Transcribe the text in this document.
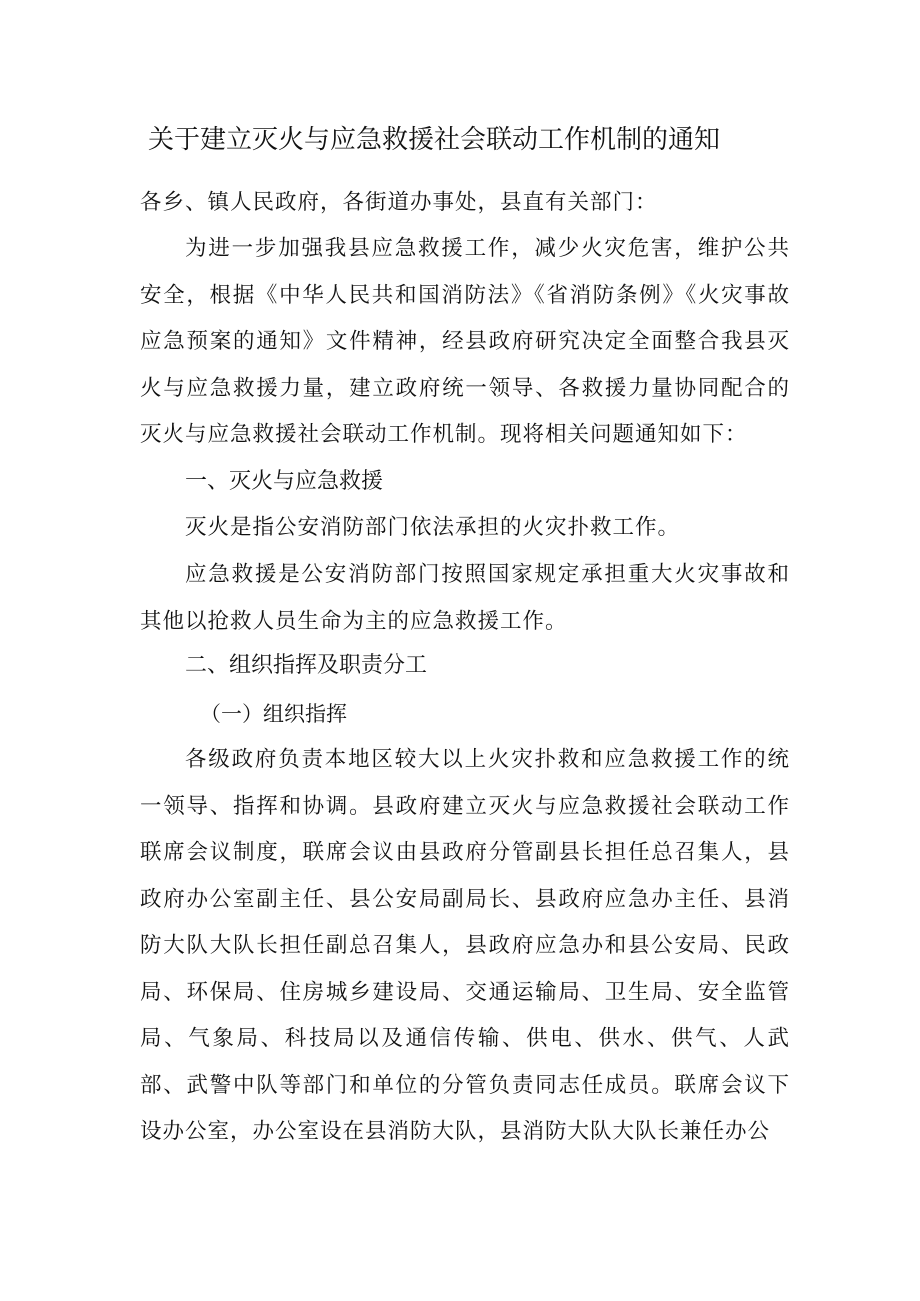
关于建立灭火与应急救援社会联动工作机制的通知
各乡、镇人民政府，各街道办事处，县直有关部门：
为进一步加强我县应急救援工作，减少火灾危害，维护公共安全，根据《中华人民共和国消防法》《省消防条例》《火灾事故应急预案的通知》文件精神，经县政府研究决定全面整合我县灭火与应急救援力量，建立政府统一领导、各救援力量协同配合的灭火与应急救援社会联动工作机制。现将相关问题通知如下：
一、灭火与应急救援
灭火是指公安消防部门依法承担的火灾扑救工作。
应急救援是公安消防部门按照国家规定承担重大火灾事故和其他以抢救人员生命为主的应急救援工作。
二、组织指挥及职责分工
（一）组织指挥
各级政府负责本地区较大以上火灾扑救和应急救援工作的统一领导、指挥和协调。县政府建立灭火与应急救援社会联动工作联席会议制度，联席会议由县政府分管副县长担任总召集人，县政府办公室副主任、县公安局副局长、县政府应急办主任、县消防大队大队长担任副总召集人，县政府应急办和县公安局、民政局、环保局、住房城乡建设局、交通运输局、卫生局、安全监管局、气象局、科技局以及通信传输、供电、供水、供气、人武部、武警中队等部门和单位的分管负责同志任成员。联席会议下设办公室，办公室设在县消防大队，县消防大队大队长兼任办公
